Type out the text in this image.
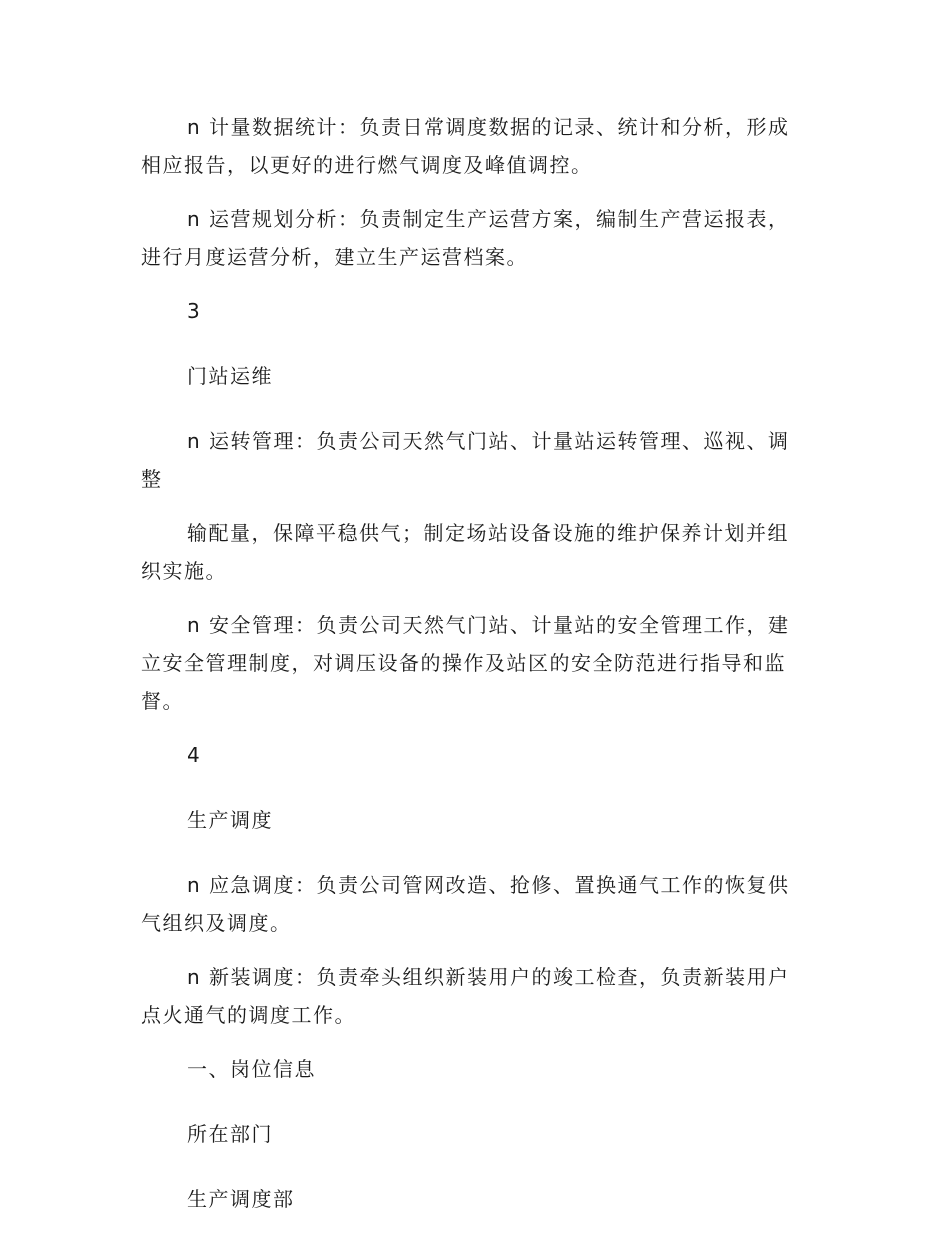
n 计量数据统计：负责日常调度数据的记录、统计和分析，形成相应报告，以更好的进行燃气调度及峰值调控。

n 运营规划分析：负责制定生产运营方案，编制生产营运报表，进行月度运营分析，建立生产运营档案。

3

门站运维

n 运转管理：负责公司天然气门站、计量站运转管理、巡视、调整

输配量，保障平稳供气；制定场站设备设施的维护保养计划并组织实施。

n 安全管理：负责公司天然气门站、计量站的安全管理工作，建立安全管理制度，对调压设备的操作及站区的安全防范进行指导和监督。

4

生产调度

n 应急调度：负责公司管网改造、抢修、置换通气工作的恢复供气组织及调度。

n 新装调度：负责牵头组织新装用户的竣工检查，负责新装用户点火通气的调度工作。

一、岗位信息

所在部门

生产调度部
